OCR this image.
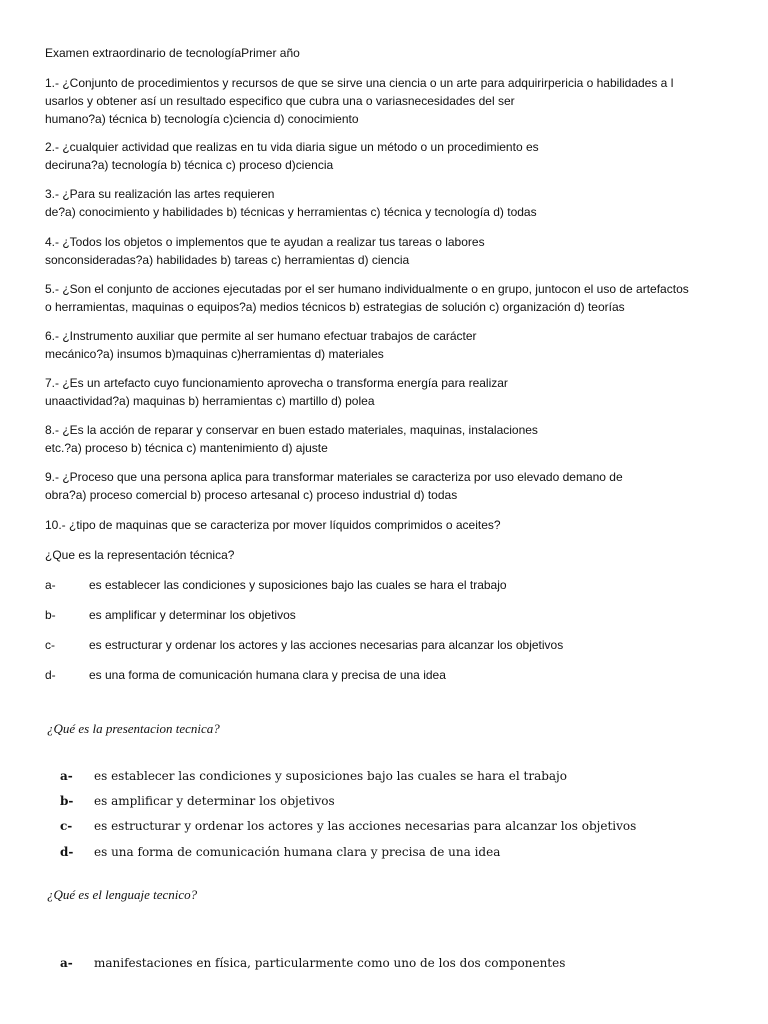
Examen extraordinario de tecnologíaPrimer año
1.- ¿Conjunto de procedimientos y recursos de que se sirve una ciencia o un arte para adquirirpericia o habilidades a l
usarlos y obtener así un resultado especifico que cubra una o variasnecesidades del ser
humano?a) técnica b) tecnología c)ciencia d) conocimiento
2.- ¿cualquier actividad que realizas en tu vida diaria sigue un método o un procedimiento es
deciruna?a) tecnología b) técnica c) proceso d)ciencia
3.- ¿Para su realización las artes requieren
de?a) conocimiento y habilidades b) técnicas y herramientas c) técnica y tecnología d) todas
4.- ¿Todos los objetos o implementos que te ayudan a realizar tus tareas o labores
sonconsideradas?a) habilidades b) tareas c) herramientas d) ciencia
5.- ¿Son el conjunto de acciones ejecutadas por el ser humano individualmente o en grupo, juntocon el uso de artefactos
o herramientas, maquinas o equipos?a) medios técnicos b) estrategias de solución c) organización d) teorías
6.- ¿Instrumento auxiliar que permite al ser humano efectuar trabajos de carácter
mecánico?a) insumos b)maquinas c)herramientas d) materiales
7.- ¿Es un artefacto cuyo funcionamiento aprovecha o transforma energía para realizar
unaactividad?a) maquinas b) herramientas c) martillo d) polea
8.- ¿Es la acción de reparar y conservar en buen estado materiales, maquinas, instalaciones
etc.?a) proceso b) técnica c) mantenimiento d) ajuste
9.- ¿Proceso que una persona aplica para transformar materiales se caracteriza por uso elevado demano de
obra?a) proceso comercial b) proceso artesanal c) proceso industrial d) todas
10.- ¿tipo de maquinas que se caracteriza por mover líquidos comprimidos o aceites?
¿Que es la representación técnica?
a-	es establecer las condiciones y suposiciones bajo las cuales se hara el trabajo
b-	es amplificar y determinar los objetivos
c-	es estructurar y ordenar los actores y las acciones necesarias para alcanzar los objetivos
d-	es una forma de comunicación humana clara y precisa de una idea
¿Qué es la presentacion tecnica?
a- es establecer las condiciones y suposiciones bajo las cuales se hara el trabajo
b- es amplificar y determinar los objetivos
c- es estructurar y ordenar los actores y las acciones necesarias para alcanzar los objetivos
d- es una forma de comunicación humana clara y precisa de una idea
¿Qué es el lenguaje tecnico?
a- manifestaciones en física, particularmente como uno de los dos componentes
